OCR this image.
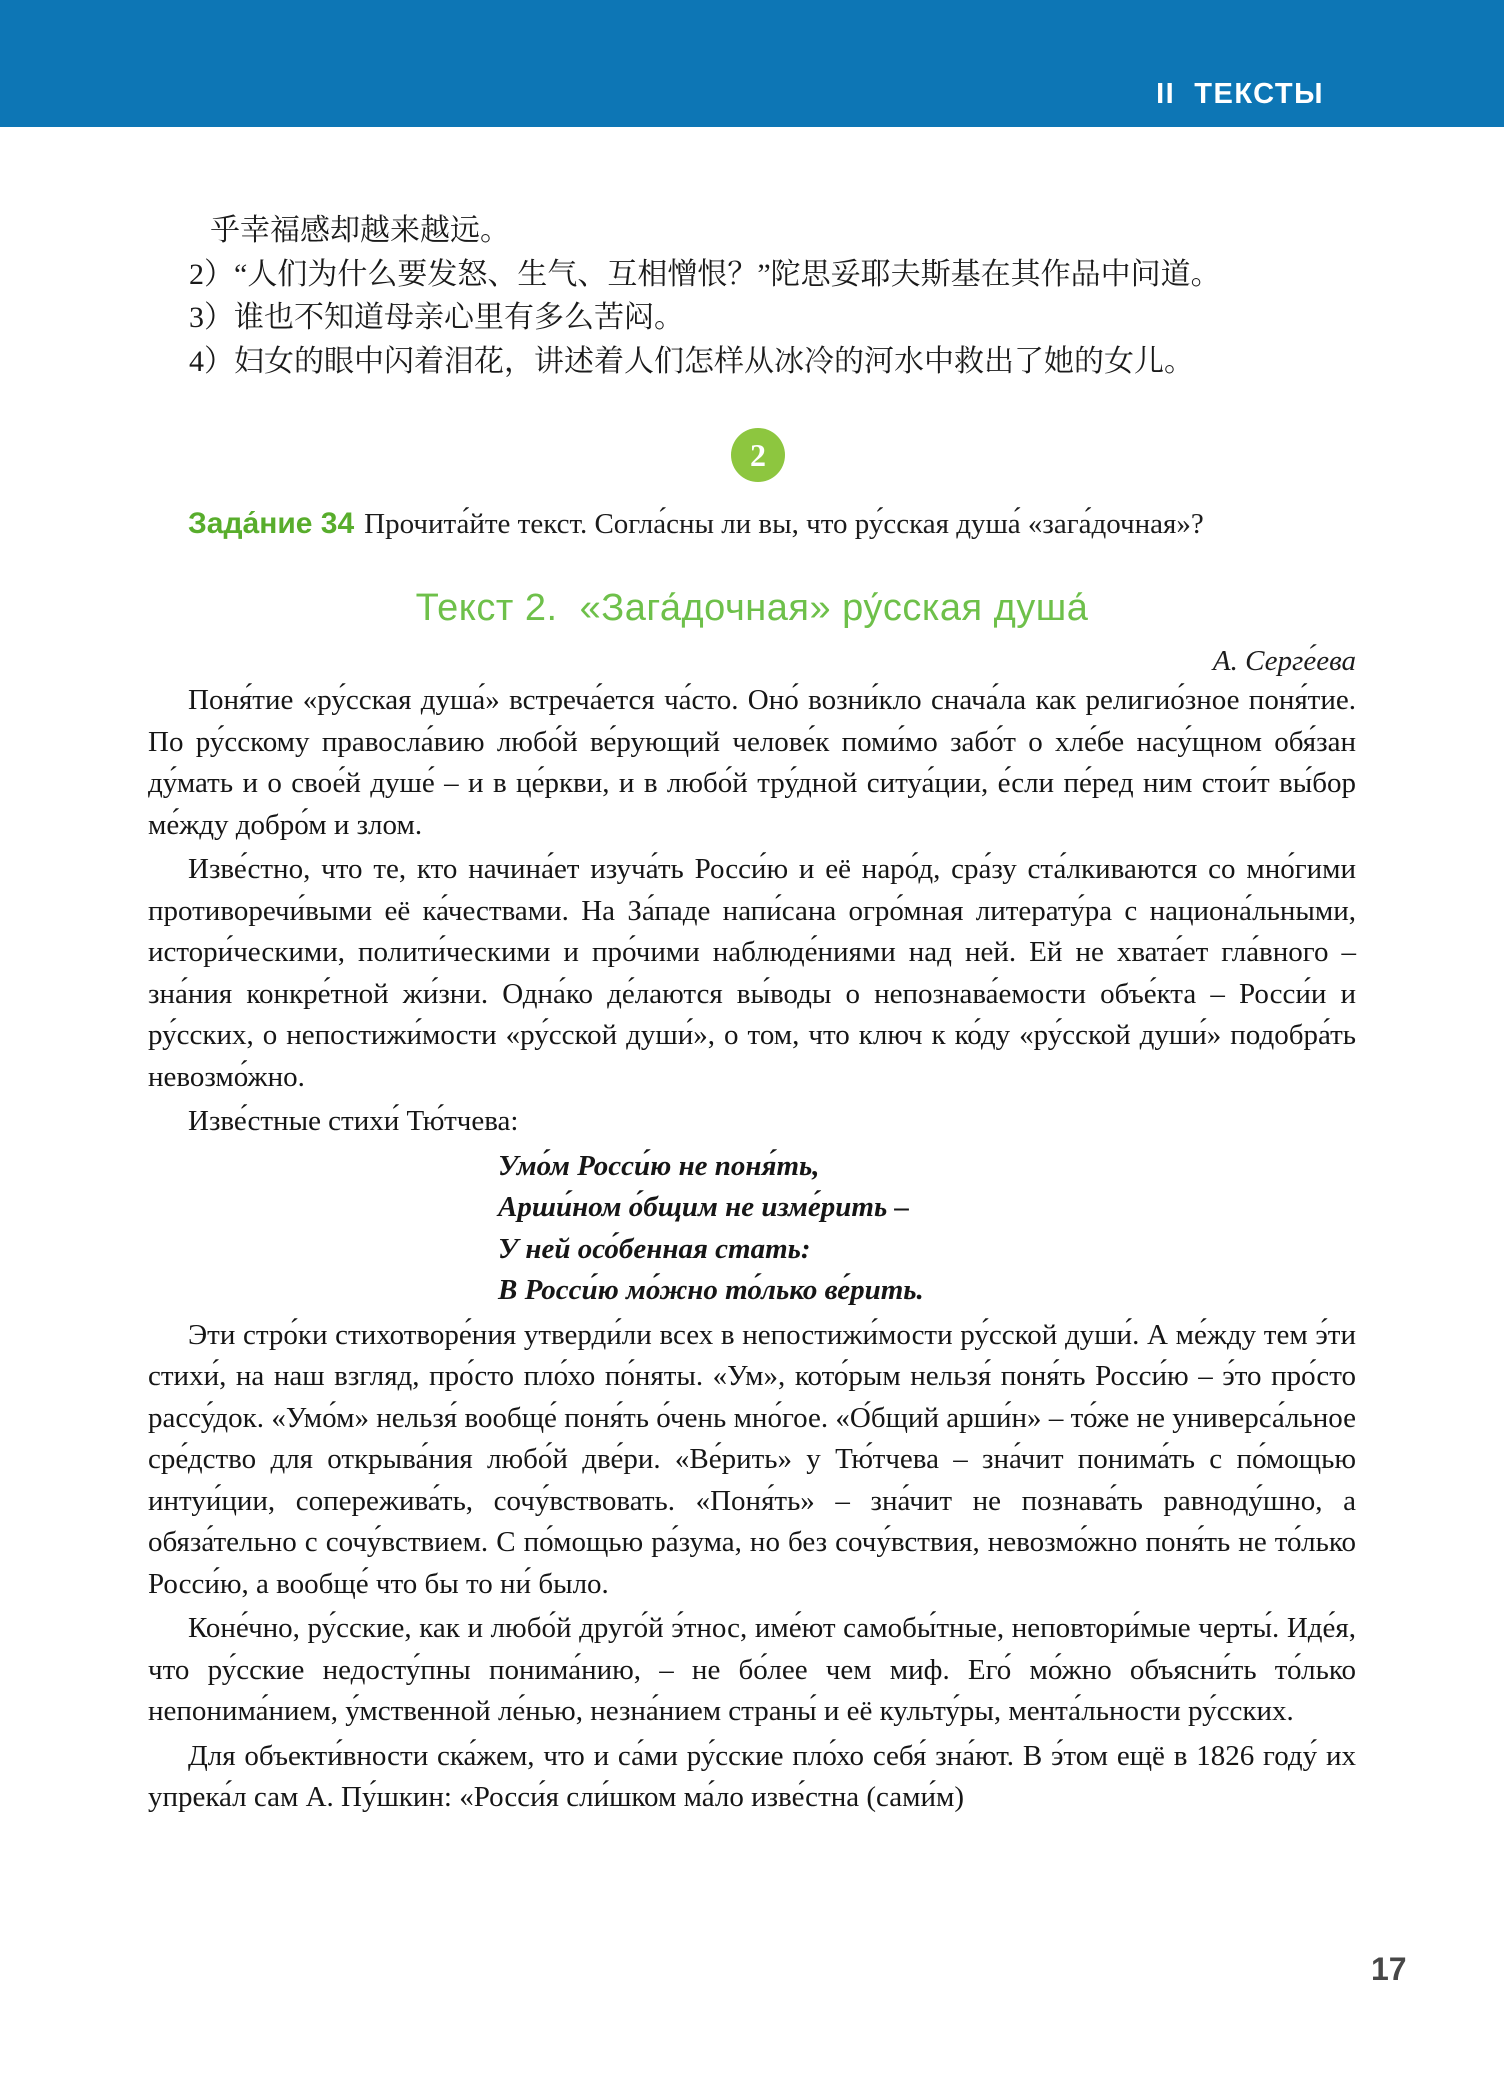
II  ТЕКСТЫ
乎幸福感却越来越远。
2）“人们为什么要发怒、生气、互相憎恨？”陀思妥耶夫斯基在其作品中问道。
3）谁也不知道母亲心里有多么苦闷。
4）妇女的眼中闪着泪花，讲述着人们怎样从冰冷的河水中救出了她的女儿。
2
Зада́ние 34 Прочита́йте текст. Согла́сны ли вы, что ру́сская душа́ «зага́дочная»?
Текст 2.  «Зага́дочная» ру́сская душа́
А. Серге́ева

Поня́тие «ру́сская душа́» встреча́ется ча́сто. Оно́ возни́кло снача́ла как религио́зное поня́тие. По ру́сскому правосла́вию любо́й ве́рующий челове́к поми́мо забо́т о хле́бе насу́щном обя́зан ду́мать и о свое́й душе́ – и в це́ркви, и в любо́й тру́дной ситуа́ции, е́сли пе́ред ним стои́т вы́бор ме́жду добро́м и злом.

Изве́стно, что те, кто начина́ет изуча́ть Росси́ю и её наро́д, сра́зу ста́лкиваются со мно́гими противоречи́выми её ка́чествами. На За́паде напи́сана огро́мная литерату́ра с национа́льными, истори́ческими, полити́ческими и про́чими наблюде́ниями над ней. Ей не хвата́ет гла́вного – зна́ния конкре́тной жи́зни. Одна́ко де́лаются вы́воды о непознава́емости объе́кта – Росси́и и ру́сских, о непостижи́мости «ру́сской души́», о том, что ключ к ко́ду «ру́сской души́» подобра́ть невозмо́жно.

Изве́стные стихи́ Тю́тчева:

Умо́м Росси́ю не поня́ть,
Арши́ном о́бщим не изме́рить –
У ней осо́бенная стать:
В Росси́ю мо́жно то́лько ве́рить.

Эти стро́ки стихотворе́ния утверди́ли всех в непостижи́мости ру́сской души́. А ме́жду тем э́ти стихи́, на наш взгляд, про́сто пло́хо по́няты. «Ум», кото́рым нельзя́ поня́ть Росси́ю – э́то про́сто рассу́док. «Умо́м» нельзя́ вообще́ поня́ть о́чень мно́гое. «О́бщий арши́н» – то́же не универса́льное сре́дство для открыва́ния любо́й две́ри. «Ве́рить» у Тю́тчева – зна́чит понима́ть с по́мощью интуи́ции, сопережива́ть, сочу́вствовать. «Поня́ть» – зна́чит не познава́ть равноду́шно, а обяза́тельно с сочу́вствием. С по́мощью ра́зума, но без сочу́вствия, невозмо́жно поня́ть не то́лько Росси́ю, а вообще́ что бы то ни́ было.

Коне́чно, ру́сские, как и любо́й друго́й э́тнос, име́ют самобы́тные, неповтори́мые черты́. Иде́я, что ру́сские недосту́пны понима́нию, – не бо́лее чем миф. Его́ мо́жно объясни́ть то́лько непонима́нием, у́мственной ле́нью, незна́нием страны́ и её культу́ры, мента́льности ру́сских.

Для объекти́вности ска́жем, что и са́ми ру́сские пло́хо себя́ зна́ют. В э́том ещё в 1826 году́ их упрека́л сам А. Пу́шкин: «Росси́я сли́шком ма́ло изве́стна (сами́м)

17
